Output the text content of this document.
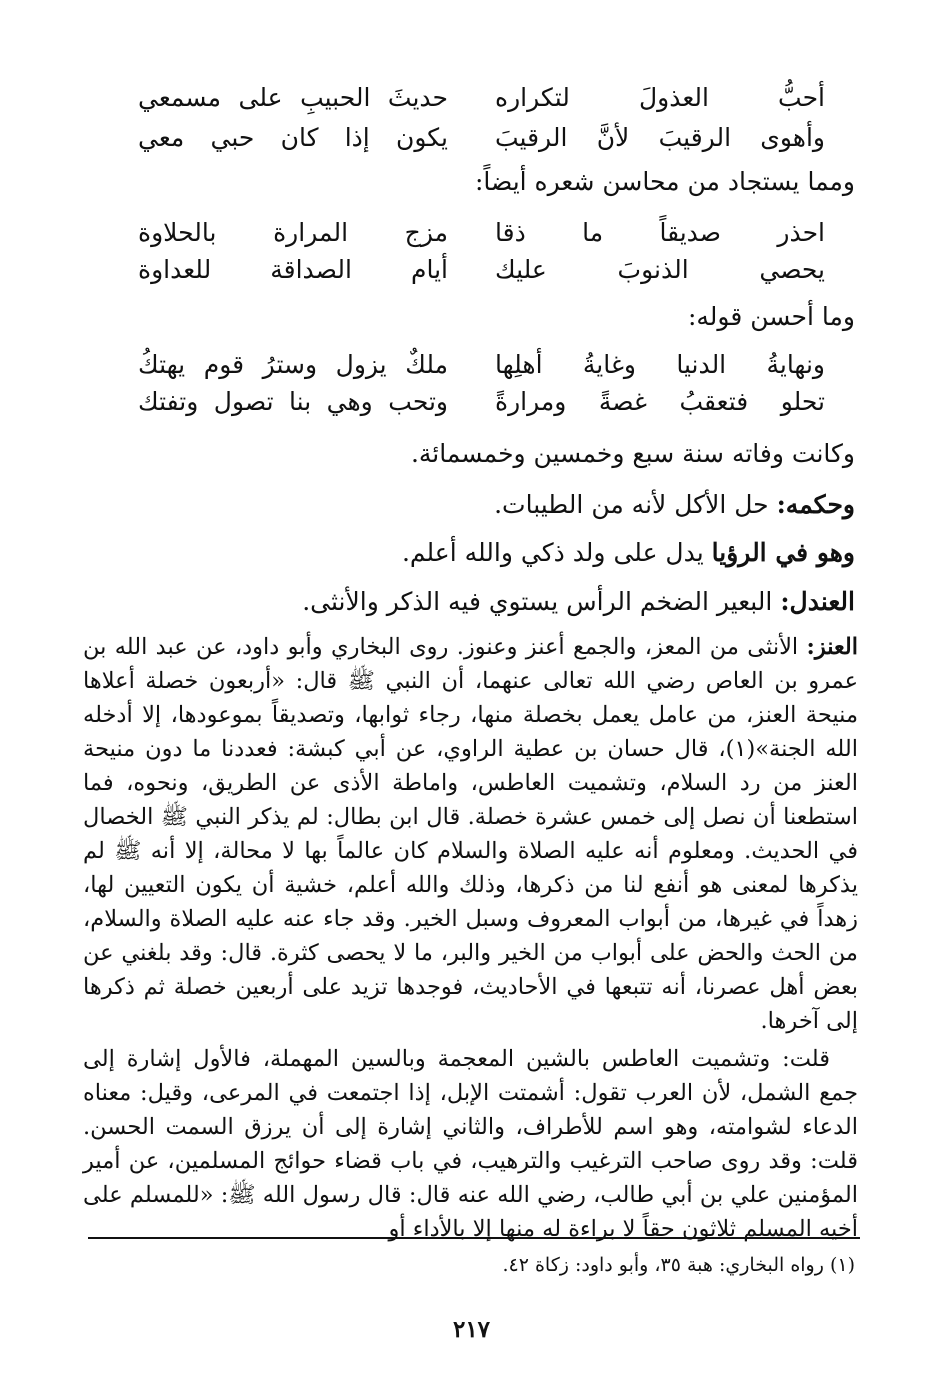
أحبُّ العذولَ لتكراره
حديثَ الحبيبِ على مسمعي
وأهوى الرقيبَ لأنَّ الرقيبَ
يكون إذا كان حبي معي
ومما يستجاد من محاسن شعره أيضاً:
احذر صديقاً ما ذقا
مزج المرارة بالحلاوة
يحصي الذنوبَ عليك
أيام الصداقة للعداوة
وما أحسن قوله:
ونهايةُ الدنيا وغايةُ أهلِها
ملكٌ يزول وسترُ قوم يهتكُ
تحلو فتعقبُ غصةً ومرارةً
وتحب وهي بنا تصول وتفتك
وكانت وفاته سنة سبع وخمسين وخمسمائة.
وحكمه: حل الأكل لأنه من الطيبات.
وهو في الرؤيا يدل على ولد ذكي والله أعلم.
العندل: البعير الضخم الرأس يستوي فيه الذكر والأنثى.
العنز: الأنثى من المعز، والجمع أعنز وعنوز. روى البخاري وأبو داود، عن عبد الله بن عمرو بن العاص رضي الله تعالى عنهما، أن النبي ﷺ قال: «أربعون خصلة أعلاها منيحة العنز، من عامل يعمل بخصلة منها، رجاء ثوابها، وتصديقاً بموعودها، إلا أدخله الله الجنة»(١)، قال حسان بن عطية الراوي، عن أبي كبشة: فعددنا ما دون منيحة العنز من رد السلام، وتشميت العاطس، واماطة الأذى عن الطريق، ونحوه، فما استطعنا أن نصل إلى خمس عشرة خصلة. قال ابن بطال: لم يذكر النبي ﷺ الخصال في الحديث. ومعلوم أنه عليه الصلاة والسلام كان عالماً بها لا محالة، إلا أنه ﷺ لم يذكرها لمعنى هو أنفع لنا من ذكرها، وذلك والله أعلم، خشية أن يكون التعيين لها، زهداً في غيرها، من أبواب المعروف وسبل الخير. وقد جاء عنه عليه الصلاة والسلام، من الحث والحض على أبواب من الخير والبر، ما لا يحصى كثرة. قال: وقد بلغني عن بعض أهل عصرنا، أنه تتبعها في الأحاديث، فوجدها تزيد على أربعين خصلة ثم ذكرها إلى آخرها.
قلت: وتشميت العاطس بالشين المعجمة وبالسين المهملة، فالأول إشارة إلى جمع الشمل، لأن العرب تقول: أشمتت الإبل، إذا اجتمعت في المرعى، وقيل: معناه الدعاء لشوامته، وهو اسم للأطراف، والثاني إشارة إلى أن يرزق السمت الحسن. قلت: وقد روى صاحب الترغيب والترهيب، في باب قضاء حوائج المسلمين، عن أمير المؤمنين علي بن أبي طالب، رضي الله عنه قال: قال رسول الله ﷺ: «للمسلم على أخيه المسلم ثلاثون حقاً لا براءة له منها إلا بالأداء أو
(١) رواه البخاري: هبة ٣٥، وأبو داود: زكاة ٤٢.
٢١٧
